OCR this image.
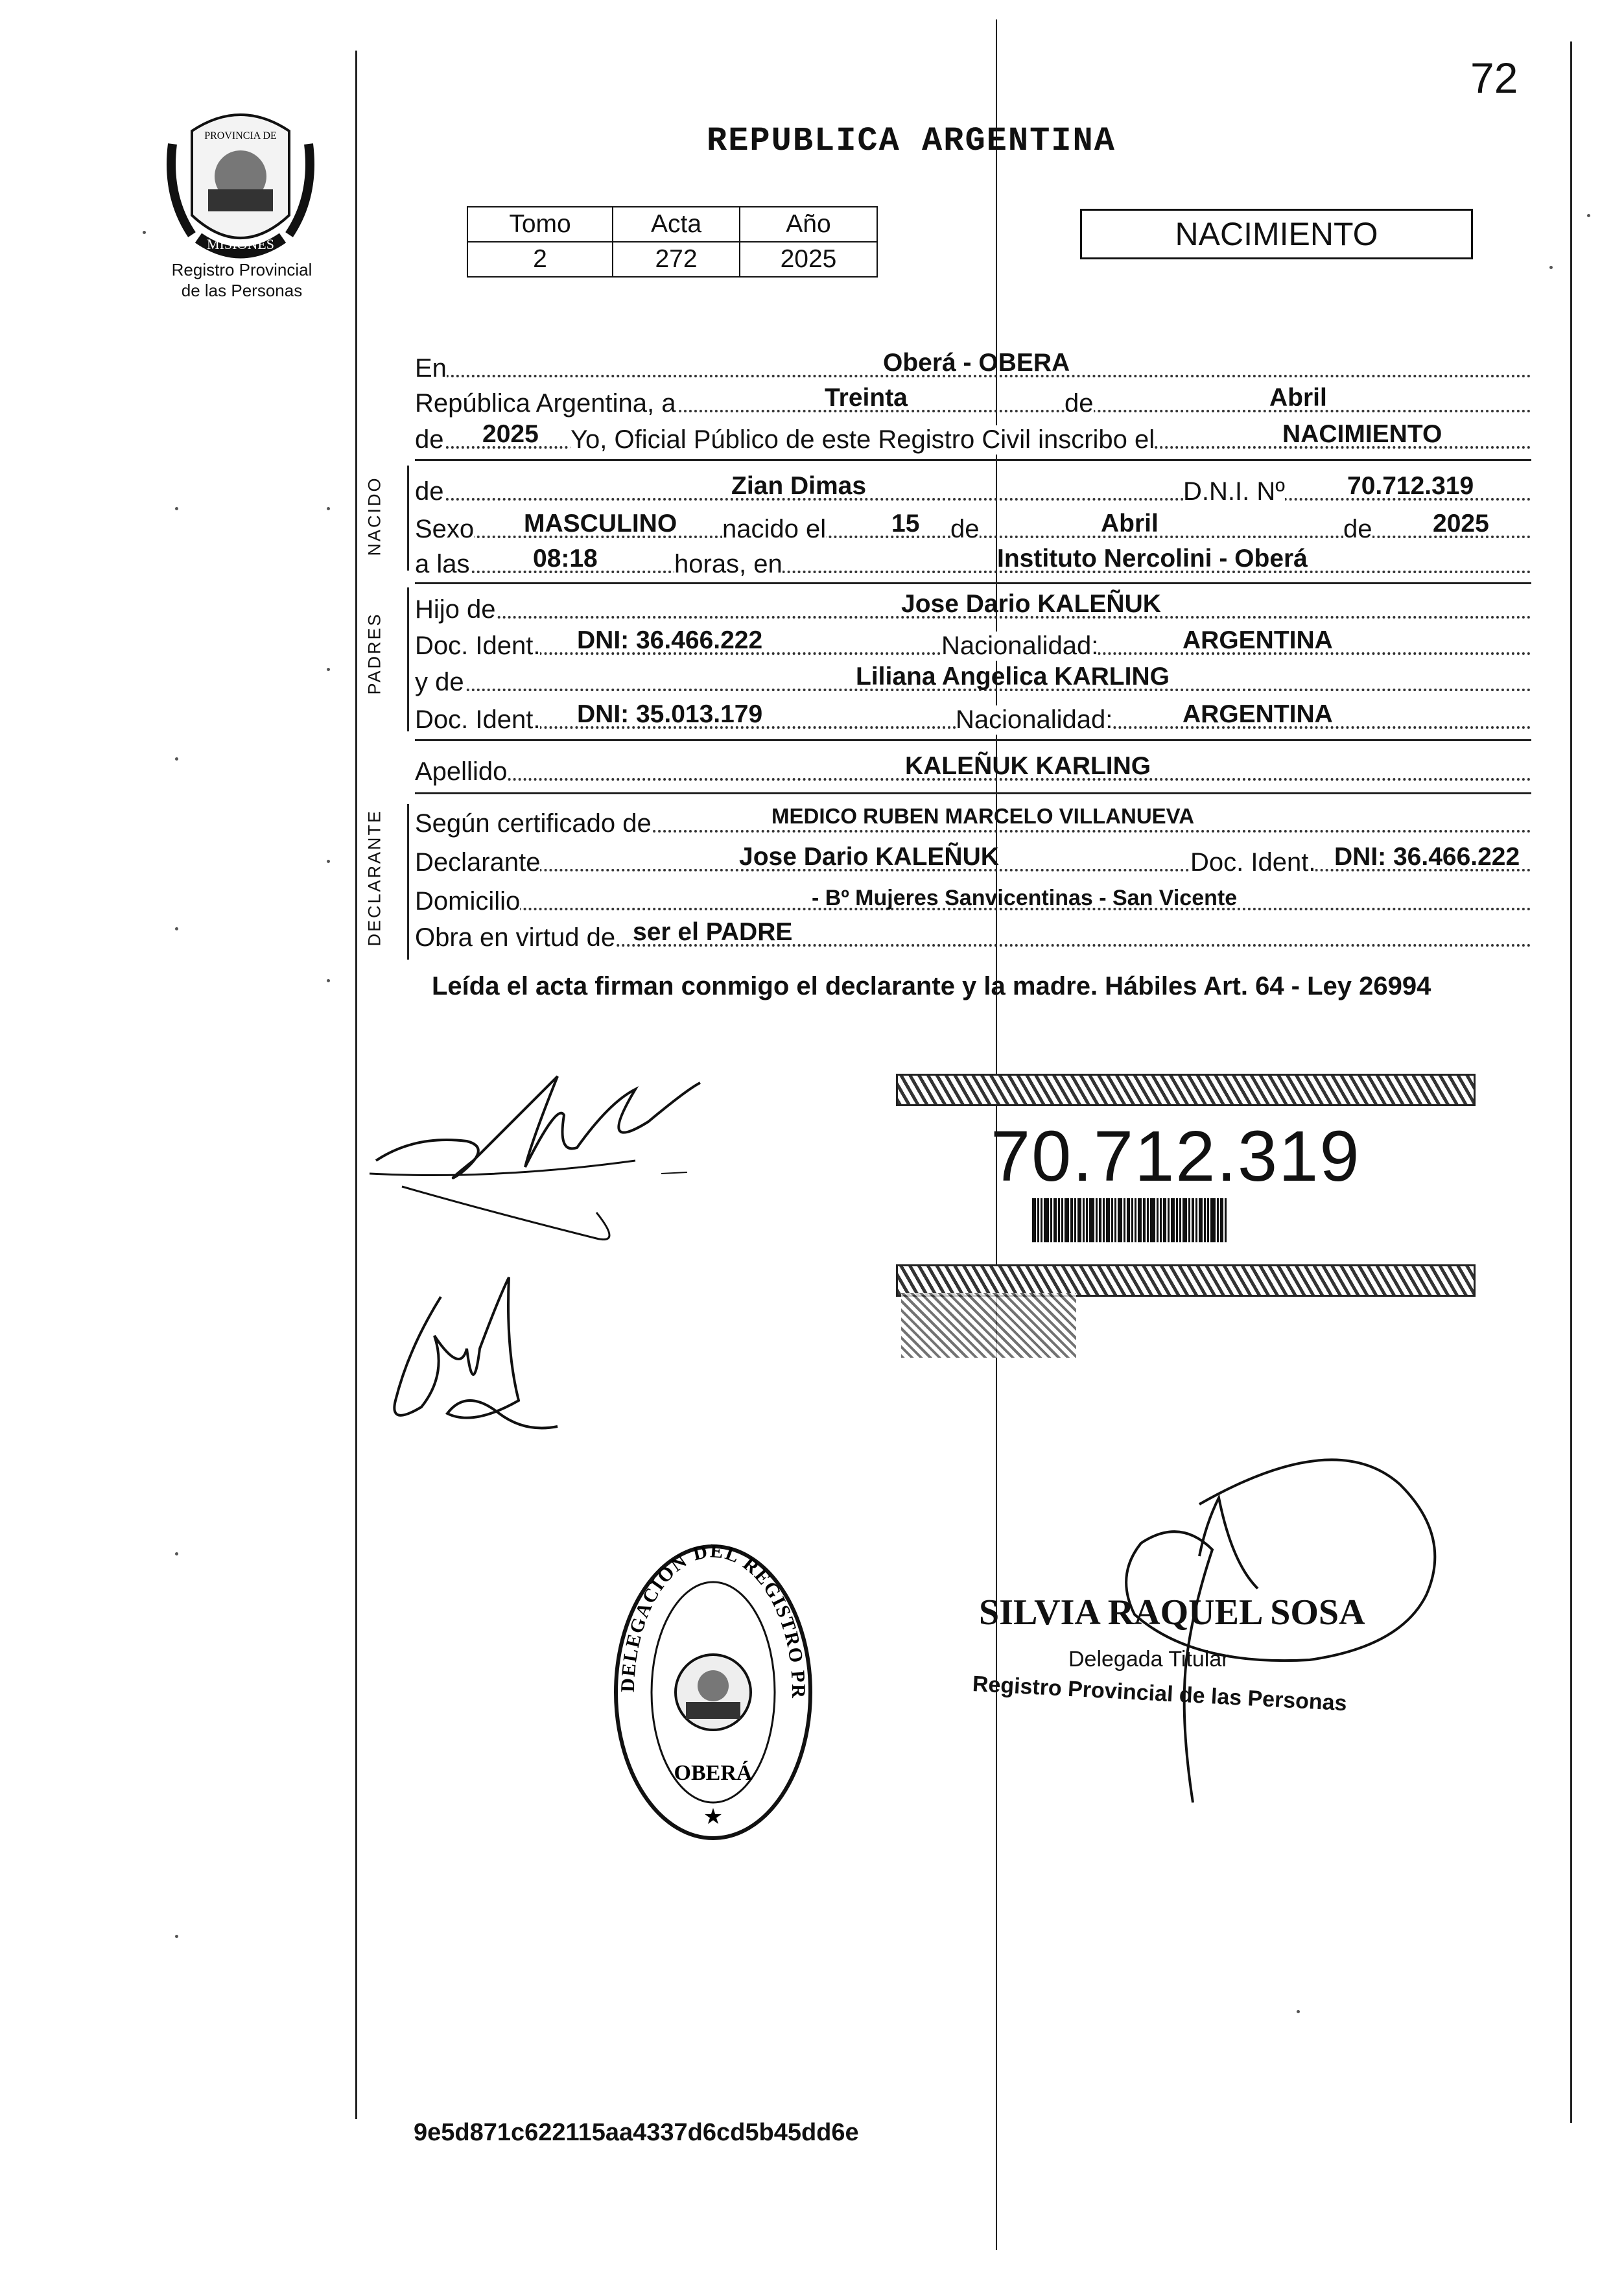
72
PROVINCIA DE
MISIONES
Registro Provincial
de las Personas
REPUBLICA ARGENTINA
Tomo	Acta	Año
2	272	2025
NACIMIENTO
En	Oberá - OBERA
República Argentina, a	Treinta	de	Abril
de 2025 Yo, Oficial Público de este Registro Civil inscribo el	NACIMIENTO
NACIDO de	Zian Dimas	D.N.I. Nº 70.712.319
Sexo MASCULINO nacido el	15 de	Abril	de 2025
a las	08:18	horas, en	Instituto Nercolini - Oberá
PADRES
Hijo de	Jose Dario KALEÑUK
Doc. Ident. DNI: 36.466.222	Nacionalidad:	ARGENTINA
y de	Liliana Angelica KARLING
Doc. Ident. DNI: 35.013.179	Nacionalidad:	ARGENTINA
Apellido	KALEÑUK KARLING
DECLARANTE Según certificado de	MEDICO RUBEN MARCELO VILLANUEVA
Declarante	Jose Dario KALEÑUK	Doc. Ident. DNI: 36.466.222
Domicilio	- Bº Mujeres Sanvicentinas - San Vicente
Obra en virtud de ser el PADRE
Leída el acta firman conmigo el declarante y la madre. Hábiles Art. 64 - Ley 26994
70.712.319
DELEGACION DEL REGISTRO PR
OBERÁ
★
SILVIA RAQUEL SOSA
Delegada Titular
Registro Provincial de las Personas
9e5d871c622115aa4337d6cd5b45dd6e
